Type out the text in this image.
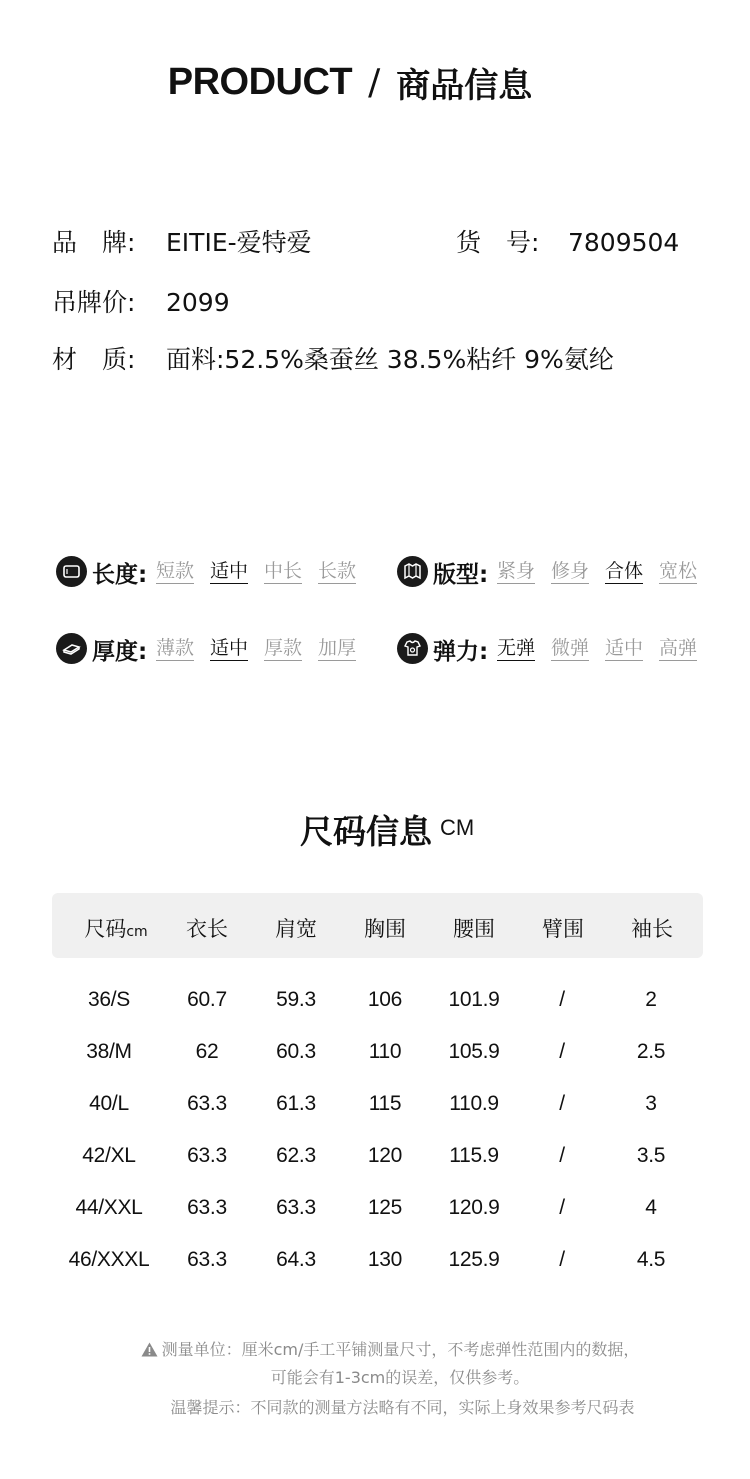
PRODUCT / 商品信息
品　牌: EITIE-爱特爱	货　号: 7809504
吊牌价: 2099
材　质: 面料:52.5%桑蚕丝 38.5%粘纤 9%氨纶
长度: 短款 适中 中长 长款	版型: 紧身 修身 合体 宽松
厚度: 薄款 适中 厚款 加厚	弹力: 无弹 微弹 适中 高弹
尺码信息 CM
尺码cm	衣长	肩宽	胸围	腰围	臂围	袖长
36/S	60.7	59.3	106	101.9	/	2
38/M	62	60.3	110	105.9	/	2.5
40/L	63.3	61.3	115	110.9	/	3
42/XL	63.3	62.3	120	115.9	/	3.5
44/XXL	63.3	63.3	125	120.9	/	4
46/XXXL	63.3	64.3	130	125.9	/	4.5
测量单位：厘米cm/手工平铺测量尺寸，不考虑弹性范围内的数据，
可能会有1-3cm的误差，仅供参考。
温馨提示：不同款的测量方法略有不同，实际上身效果参考尺码表
